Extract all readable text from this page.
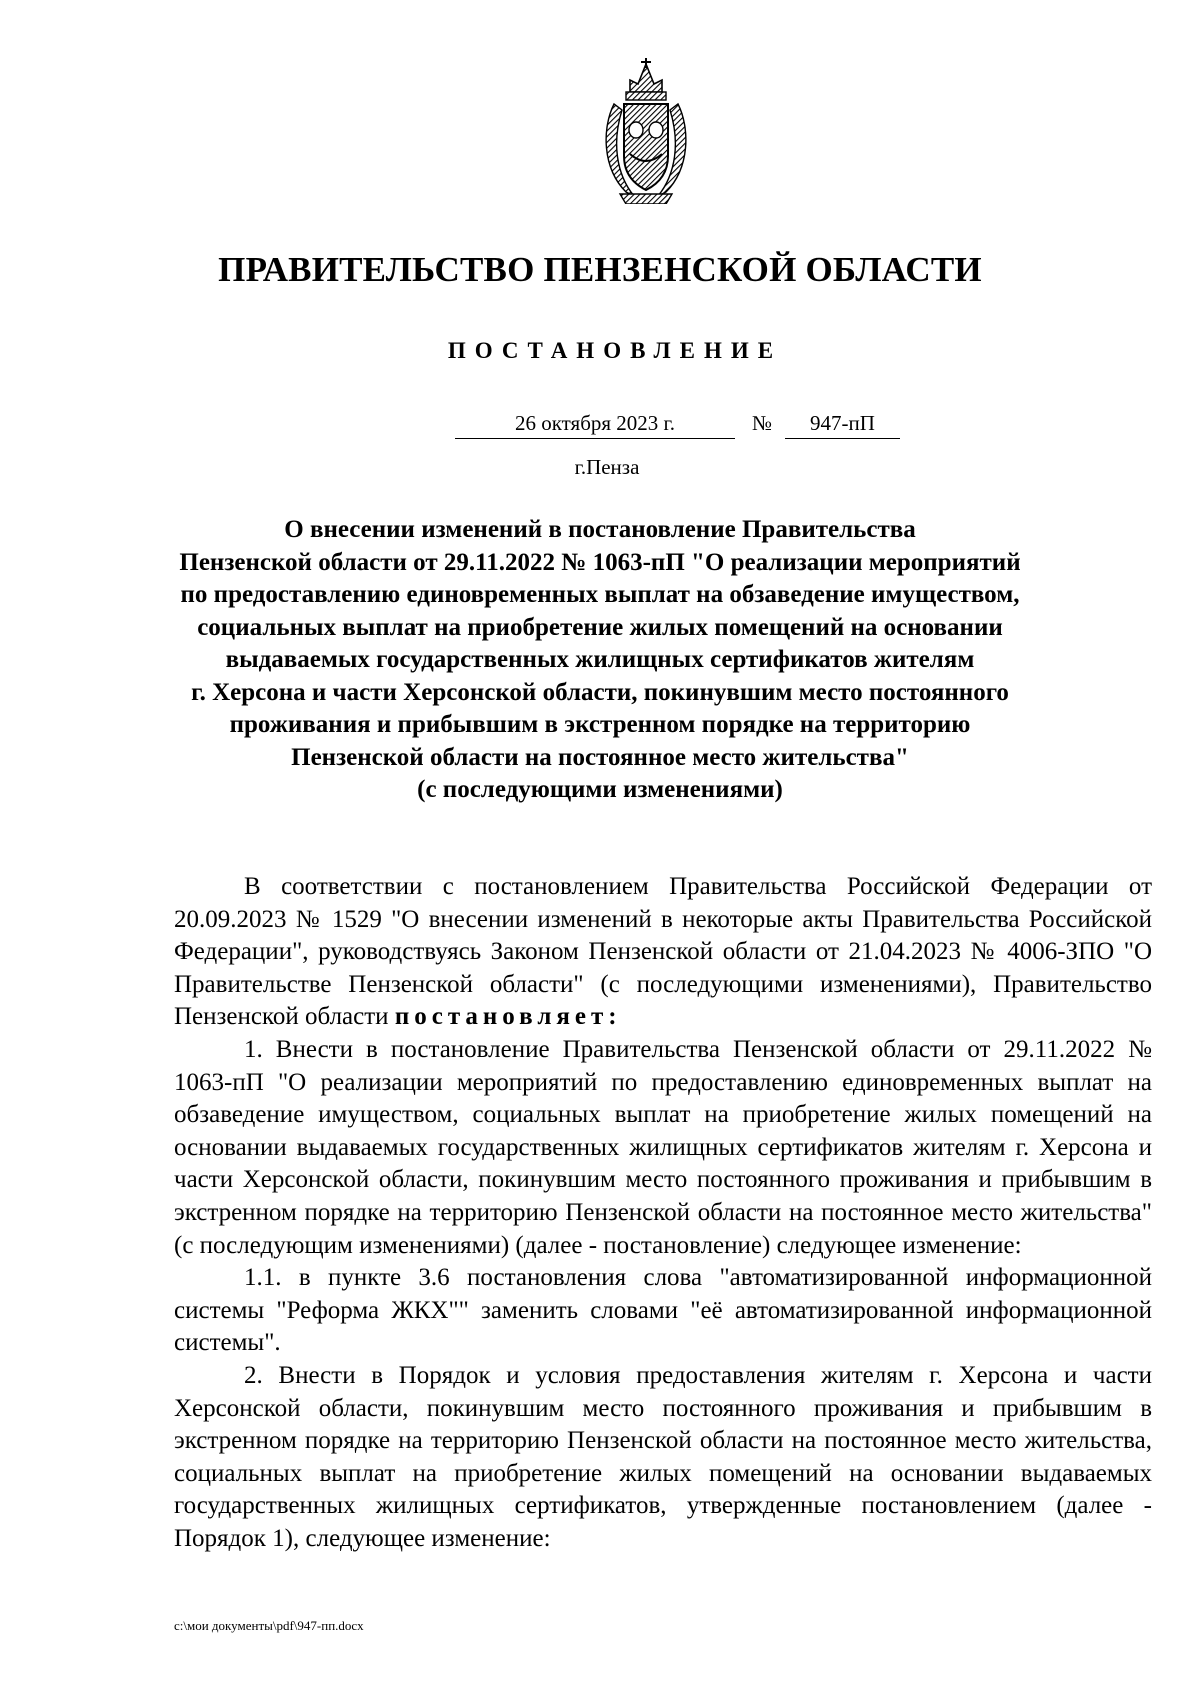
ПРАВИТЕЛЬСТВО ПЕНЗЕНСКОЙ ОБЛАСТИ
ПОСТАНОВЛЕНИЕ
26 октября 2023 г.	№	947-пП
г.Пенза
О внесении изменений в постановление Правительства
Пензенской области от 29.11.2022 № 1063-пП "О реализации мероприятий
по предоставлению единовременных выплат на обзаведение имуществом,
социальных выплат на приобретение жилых помещений на основании
выдаваемых государственных жилищных сертификатов жителям
г. Херсона и части Херсонской области, покинувшим место постоянного
проживания и прибывшим в экстренном порядке на территорию
Пензенской области на постоянное место жительства"
(с последующими изменениями)

В соответствии с постановлением Правительства Российской Федерации от 20.09.2023 № 1529 "О внесении изменений в некоторые акты Правительства Российской Федерации", руководствуясь Законом Пензенской области от 21.04.2023 № 4006-ЗПО "О Правительстве Пензенской области" (с последующими изменениями), Правительство Пензенской области постановляет:

1. Внести в постановление Правительства Пензенской области от 29.11.2022 № 1063-пП "О реализации мероприятий по предоставлению единовременных выплат на обзаведение имуществом, социальных выплат на приобретение жилых помещений на основании выдаваемых государственных жилищных сертификатов жителям г. Херсона и части Херсонской области, покинувшим место постоянного проживания и прибывшим в экстренном порядке на территорию Пензенской области на постоянное место жительства" (с последующим изменениями) (далее - постановление) следующее изменение:

1.1. в пункте 3.6 постановления слова "автоматизированной информационной системы "Реформа ЖКХ"" заменить словами "её автоматизированной информационной системы".

2. Внести в Порядок и условия предоставления жителям г. Херсона и части Херсонской области, покинувшим место постоянного проживания и прибывшим в экстренном порядке на территорию Пензенской области на постоянное место жительства, социальных выплат на приобретение жилых помещений на основании выдаваемых государственных жилищных сертификатов, утвержденные постановлением (далее - Порядок 1), следующее изменение:

c:\мои документы\pdf\947-пп.docx
